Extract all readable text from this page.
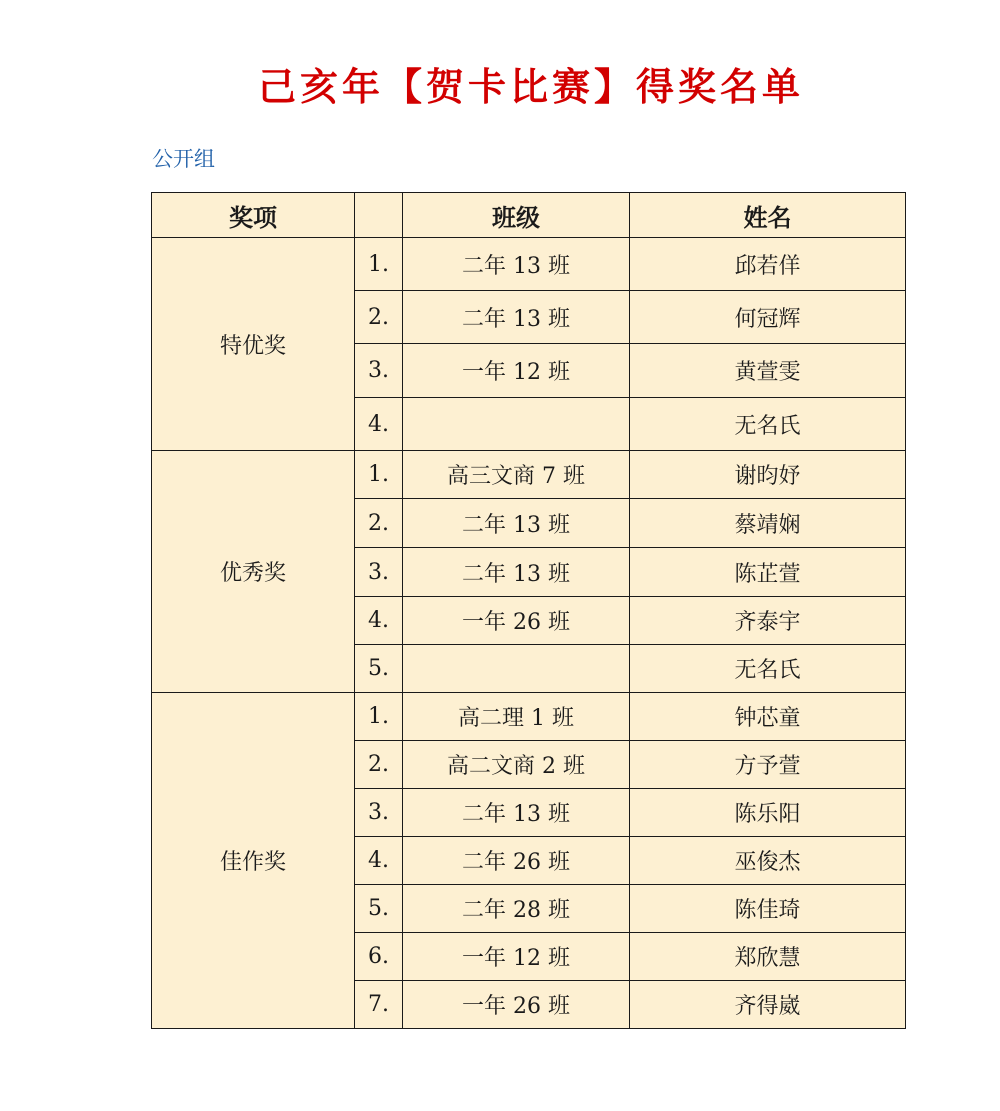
己亥年【贺卡比赛】得奖名单
公开组
奖项		班级	姓名
特优奖	1.	二年 13 班	邱若佯
	2.	二年 13 班	何冠辉
	3.	一年 12 班	黄萱雯
	4.		无名氏
优秀奖	1.	高三文商 7 班	谢昀妤
	2.	二年 13 班	蔡靖娴
	3.	二年 13 班	陈芷萱
	4.	一年 26 班	齐泰宇
	5.		无名氏
佳作奖	1.	高二理 1 班	钟芯童
	2.	高二文商 2 班	方予萱
	3.	二年 13 班	陈乐阳
	4.	二年 26 班	巫俊杰
	5.	二年 28 班	陈佳琦
	6.	一年 12 班	郑欣慧
	7.	一年 26 班	齐得崴
